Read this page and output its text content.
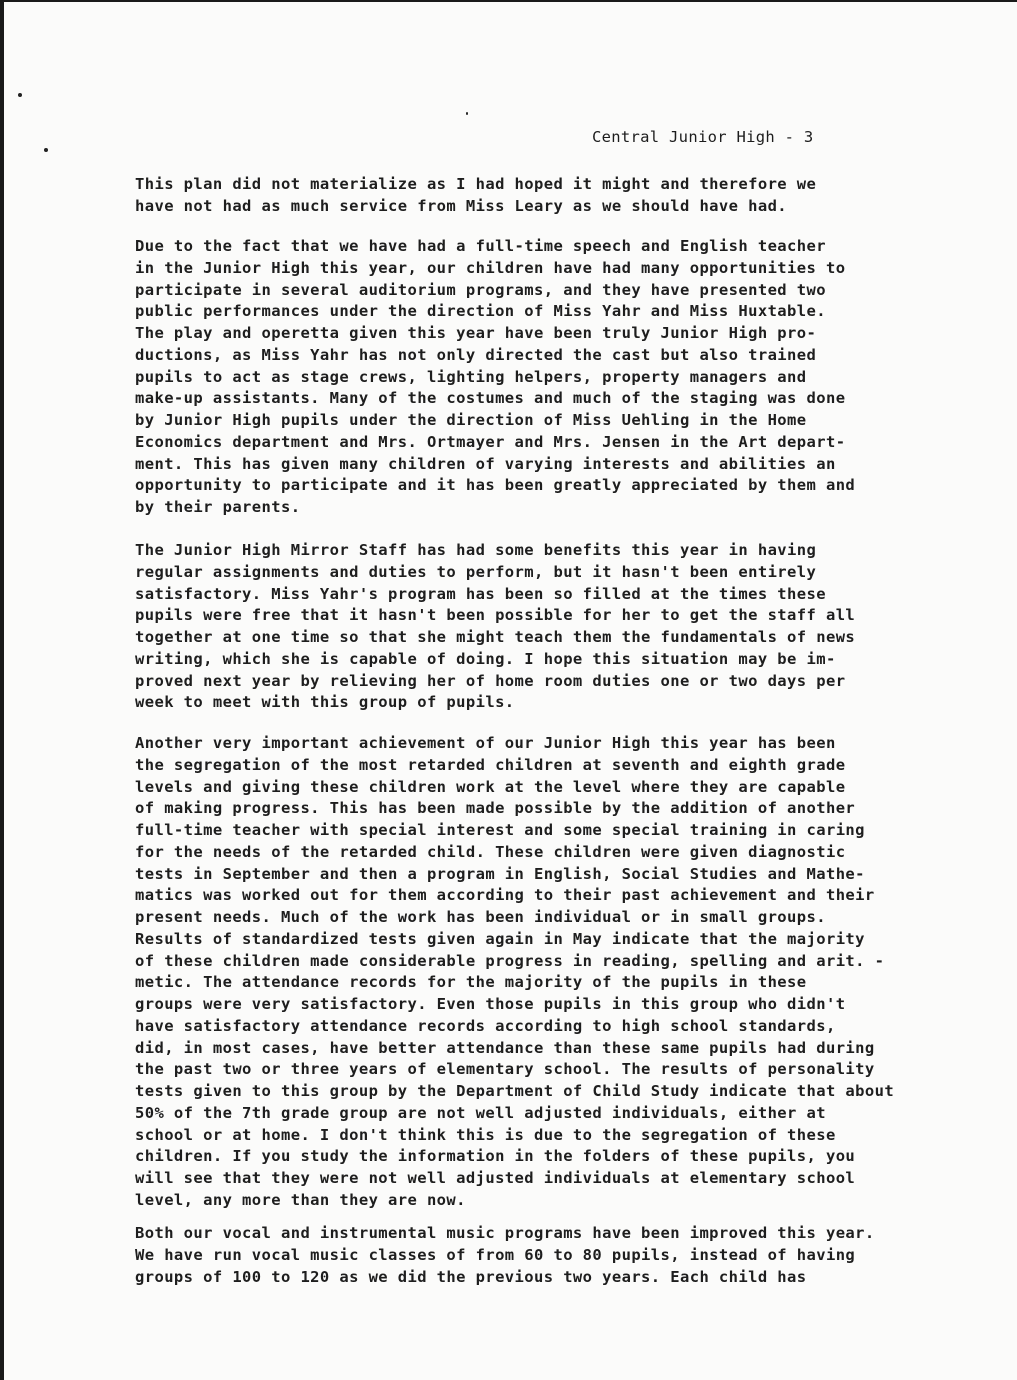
Central Junior High - 3
This plan did not materialize as I had hoped it might and therefore we
have not had as much service from Miss Leary as we should have had.
Due to the fact that we have had a full-time speech and English teacher
in the Junior High this year, our children have had many opportunities to
participate in several auditorium programs, and they have presented two
public performances under the direction of Miss Yahr and Miss Huxtable.
The play and operetta given this year have been truly Junior High pro-
ductions, as Miss Yahr has not only directed the cast but also trained
pupils to act as stage crews, lighting helpers, property managers and
make-up assistants. Many of the costumes and much of the staging was done
by Junior High pupils under the direction of Miss Uehling in the Home
Economics department and Mrs. Ortmayer and Mrs. Jensen in the Art depart-
ment. This has given many children of varying interests and abilities an
opportunity to participate and it has been greatly appreciated by them and
by their parents.
The Junior High Mirror Staff has had some benefits this year in having
regular assignments and duties to perform, but it hasn't been entirely
satisfactory. Miss Yahr's program has been so filled at the times these
pupils were free that it hasn't been possible for her to get the staff all
together at one time so that she might teach them the fundamentals of news
writing, which she is capable of doing. I hope this situation may be im-
proved next year by relieving her of home room duties one or two days per
week to meet with this group of pupils.
Another very important achievement of our Junior High this year has been
the segregation of the most retarded children at seventh and eighth grade
levels and giving these children work at the level where they are capable
of making progress. This has been made possible by the addition of another
full-time teacher with special interest and some special training in caring
for the needs of the retarded child. These children were given diagnostic
tests in September and then a program in English, Social Studies and Mathe-
matics was worked out for them according to their past achievement and their
present needs. Much of the work has been individual or in small groups.
Results of standardized tests given again in May indicate that the majority
of these children made considerable progress in reading, spelling and arit. -
metic. The attendance records for the majority of the pupils in these
groups were very satisfactory. Even those pupils in this group who didn't
have satisfactory attendance records according to high school standards,
did, in most cases, have better attendance than these same pupils had during
the past two or three years of elementary school. The results of personality
tests given to this group by the Department of Child Study indicate that about
50% of the 7th grade group are not well adjusted individuals, either at
school or at home. I don't think this is due to the segregation of these
children. If you study the information in the folders of these pupils, you
will see that they were not well adjusted individuals at elementary school
level, any more than they are now.
Both our vocal and instrumental music programs have been improved this year.
We have run vocal music classes of from 60 to 80 pupils, instead of having
groups of 100 to 120 as we did the previous two years. Each child has
